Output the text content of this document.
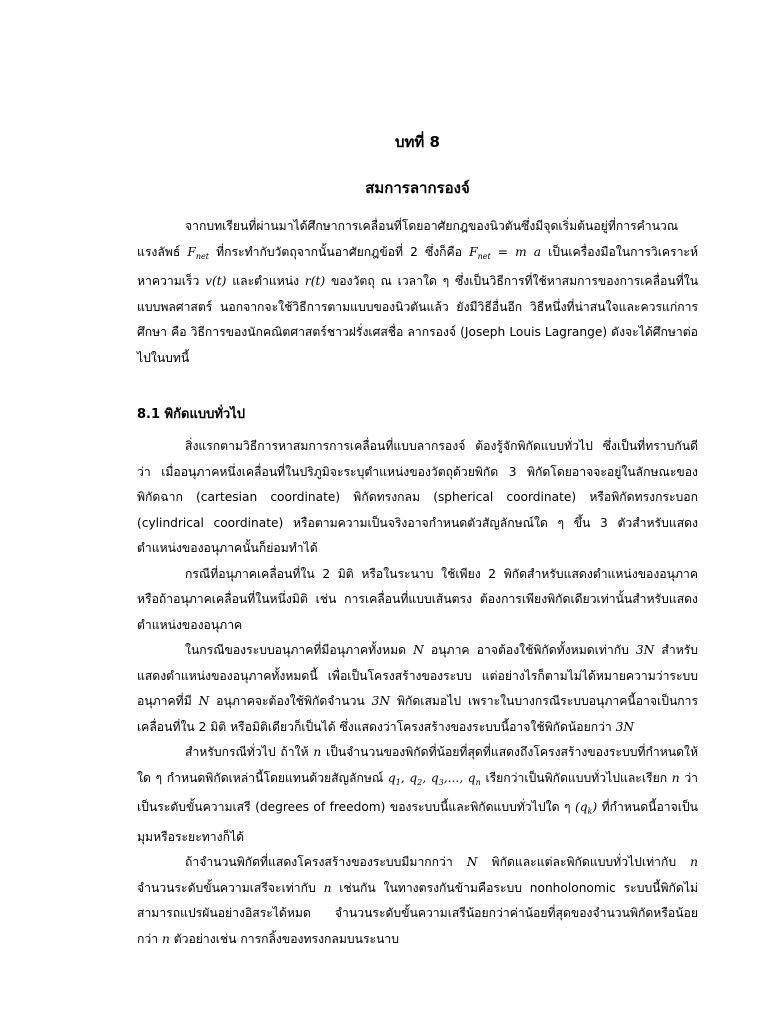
บทที่ 8
สมการลากรองจ์

จากบทเรียนที่ผ่านมาได้ศึกษาการเคลื่อนที่โดยอาศัยกฎของนิวตันซึ่งมีจุดเริ่มต้นอยู่ที่การคำนวณแรงลัพธ์ $F_{net}$ ที่กระทำกับวัตถุจากนั้นอาศัยกฎข้อที่ 2 ซึ่งก็คือ $F_{net} = m$ a เป็นเครื่องมือในการวิเคราะห์หาความเร็ว v(t) และตำแหน่ง r(t) ของวัตถุ ณ เวลาใด ๆ ซึ่งเป็นวิธีการที่ใช้หาสมการของการเคลื่อนที่ในแบบพลศาสตร์ นอกจากจะใช้วิธีการตามแบบของนิวตันแล้ว ยังมีวิธีอื่นอีก วิธีหนึ่งที่น่าสนใจและควรแก่การศึกษา คือ วิธีการของนักคณิตศาสตร์ชาวฝรั่งเศสชื่อ ลากรองจ์ (Joseph Louis Lagrange) ดังจะได้ศึกษาต่อไปในบทนี้

8.1 พิกัดแบบทั่วไป

สิ่งแรกตามวิธีการหาสมการการเคลื่อนที่แบบลากรองจ์ ต้องรู้จักพิกัดแบบทั่วไป ซึ่งเป็นที่ทราบกันดีว่า เมื่ออนุภาคหนึ่งเคลื่อนที่ในปริภูมิจะระบุตำแหน่งของวัตถุด้วยพิกัด 3 พิกัดโดยอาจจะอยู่ในลักษณะของพิกัดฉาก (cartesian coordinate) พิกัดทรงกลม (spherical coordinate) หรือพิกัดทรงกระบอก (cylindrical coordinate) หรือตามความเป็นจริงอาจกำหนดตัวสัญลักษณ์ใด ๆ ขึ้น 3 ตัวสำหรับแสดงตำแหน่งของอนุภาคนั้นก็ย่อมทำได้

กรณีที่อนุภาคเคลื่อนที่ใน 2 มิติ หรือในระนาบ ใช้เพียง 2 พิกัดสำหรับแสดงตำแหน่งของอนุภาค หรือถ้าอนุภาคเคลื่อนที่ในหนึ่งมิติ เช่น การเคลื่อนที่แบบเส้นตรง ต้องการเพียงพิกัดเดียวเท่านั้นสำหรับแสดงตำแหน่งของอนุภาค

ในกรณีของระบบอนุภาคที่มีอนุภาคทั้งหมด N อนุภาค อาจต้องใช้พิกัดทั้งหมดเท่ากับ 3N สำหรับแสดงตำแหน่งของอนุภาคทั้งหมดนี้ เพื่อเป็นโครงสร้างของระบบ แต่อย่างไรก็ตามไม่ได้หมายความว่าระบบอนุภาคที่มี N อนุภาคจะต้องใช้พิกัดจำนวน 3N พิกัดเสมอไป เพราะในบางกรณีระบบอนุภาคนี้อาจเป็นการเคลื่อนที่ใน 2 มิติ หรือมิติเดียวก็เป็นได้ ซึ่งแสดงว่าโครงสร้างของระบบนี้อาจใช้พิกัดน้อยกว่า 3N

สำหรับกรณีทั่วไป ถ้าให้ n เป็นจำนวนของพิกัดที่น้อยที่สุดที่แสดงถึงโครงสร้างของระบบที่กำหนดให้ใด ๆ กำหนดพิกัดเหล่านี้โดยแทนด้วยสัญลักษณ์ $q_1$, $q_2$, $q_3$,..., $q_n$ เรียกว่าเป็นพิกัดแบบทั่วไปและเรียก n ว่าเป็นระดับขั้นความเสรี (degrees of freedom) ของระบบนี้และพิกัดแบบทั่วไปใด ๆ $(q_k)$ ที่กำหนดนี้อาจเป็นมุมหรือระยะทางก็ได้

ถ้าจำนวนพิกัดที่แสดงโครงสร้างของระบบมีมากกว่า N พิกัดและแต่ละพิกัดแบบทั่วไปเท่ากับ n จำนวนระดับขั้นความเสรีจะเท่ากับ n เช่นกัน ในทางตรงกันข้ามคือระบบ nonholonomic ระบบนี้พิกัดไม่สามารถแปรผันอย่างอิสระได้หมด จำนวนระดับขั้นความเสรีน้อยกว่าค่าน้อยที่สุดของจำนวนพิกัดหรือน้อยกว่า n ตัวอย่างเช่น การกลิ้งของทรงกลมบนระนาบ
